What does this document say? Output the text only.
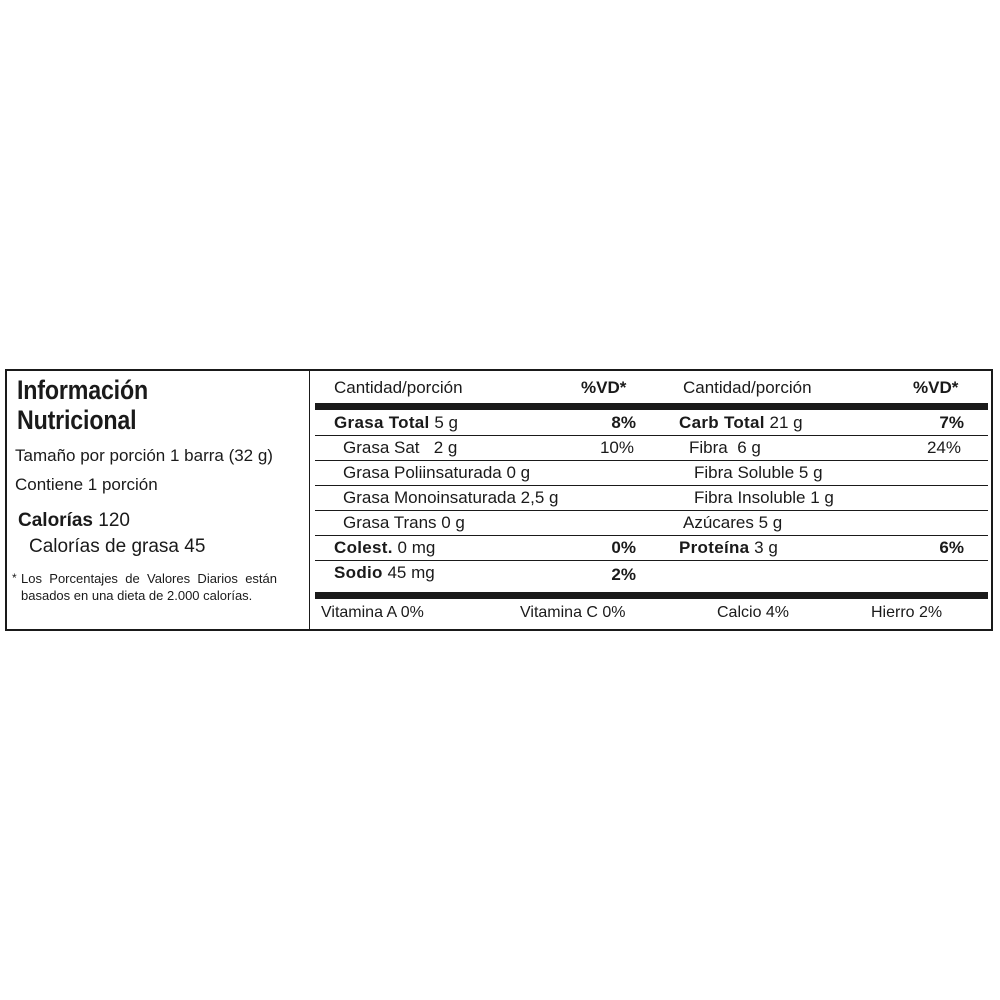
Información
Nutricional
Tamaño por porción 1 barra (32 g)
Contiene 1 porción
Calorías 120
Calorías de grasa 45
* Los Porcentajes de Valores Diarios están basados en una dieta de 2.000 calorías.
Cantidad/porción	%VD*	Cantidad/porción	%VD*
Grasa Total 5 g	8%	Carb Total 21 g	7%
Grasa Sat 2 g	10%	Fibra 6 g	24%
Grasa Poliinsaturada 0 g	Fibra Soluble 5 g
Grasa Monoinsaturada 2,5 g	Fibra Insoluble 1 g
Grasa Trans 0 g	Azúcares 5 g
Colest. 0 mg	0%	Proteína 3 g	6%
Sodio 45 mg	2%
Vitamina A 0%	Vitamina C 0%	Calcio 4%	Hierro 2%
